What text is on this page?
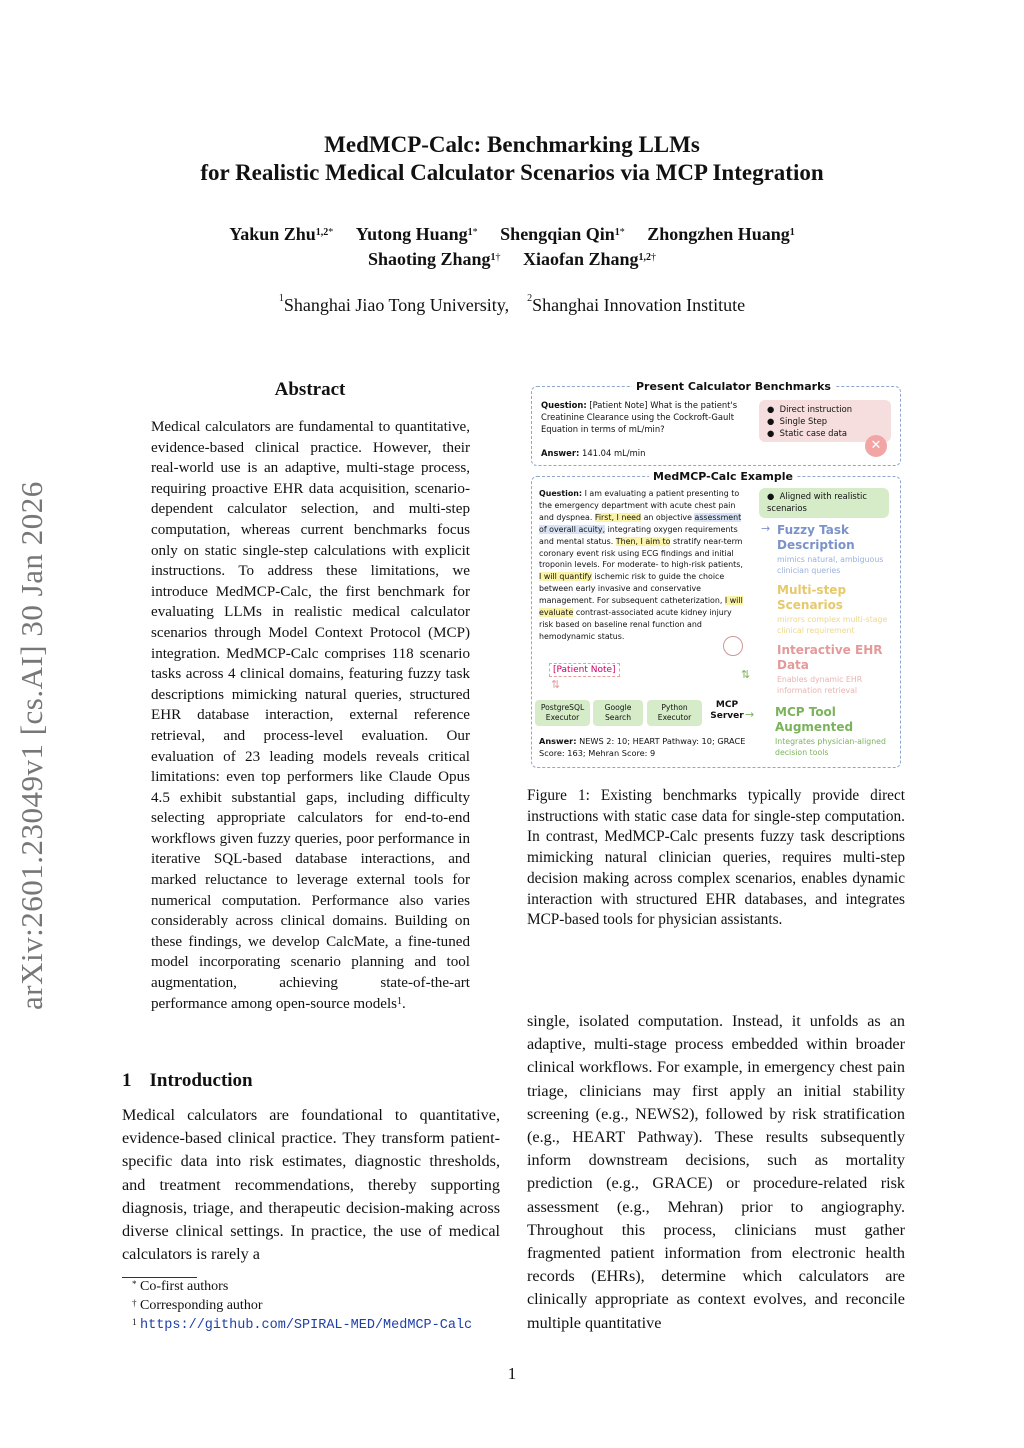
arXiv:2601.23049v1 [cs.AI] 30 Jan 2026
MedMCP-Calc: Benchmarking LLMs
for Realistic Medical Calculator Scenarios via MCP Integration
Yakun Zhu$^{1,2*}$ Yutong Huang$^{1*}$ Shengqian Qin$^{1*}$ Zhongzhen Huang$^1$
Shaoting Zhang$^{1\dagger}$ Xiaofan Zhang$^{1,2\dagger}$
$^1$Shanghai Jiao Tong University, $^2$Shanghai Innovation Institute
Abstract
Medical calculators are fundamental to quantitative, evidence-based clinical practice. However, their real-world use is an adaptive, multi-stage process, requiring proactive EHR data acquisition, scenario-dependent calculator selection, and multi-step computation, whereas current benchmarks focus only on static single-step calculations with explicit instructions. To address these limitations, we introduce MedMCP-Calc, the first benchmark for evaluating LLMs in realistic medical calculator scenarios through Model Context Protocol (MCP) integration. MedMCP-Calc comprises 118 scenario tasks across 4 clinical domains, featuring fuzzy task descriptions mimicking natural queries, structured EHR database interaction, external reference retrieval, and process-level evaluation. Our evaluation of 23 leading models reveals critical limitations: even top performers like Claude Opus 4.5 exhibit substantial gaps, including difficulty selecting appropriate calculators for end-to-end workflows given fuzzy queries, poor performance in iterative SQL-based database interactions, and marked reluctance to leverage external tools for numerical computation. Performance also varies considerably across clinical domains. Building on these findings, we develop CalcMate, a fine-tuned model incorporating scenario planning and tool augmentation, achieving state-of-the-art performance among open-source models$^1$.
1 Introduction
Medical calculators are foundational to quantitative, evidence-based clinical practice. They transform patient-specific data into risk estimates, diagnostic thresholds, and treatment recommendations, thereby supporting diagnosis, triage, and therapeutic decision-making across diverse clinical settings. In practice, the use of medical calculators is rarely a
* Co-first authors
† Corresponding author
1 https://github.com/SPIRAL-MED/MedMCP-Calc
1
Present Calculator Benchmarks
Question: [Patient Note] What is the patient's Creatinine Clearance using the Cockroft-Gault Equation in terms of mL/min?
Answer: 141.04 mL/min
●  Direct instruction
●  Single Step
●  Static case data
✕
MedMCP-Calc Example
Question: I am evaluating a patient presenting to the emergency department with acute chest pain and dyspnea. First, I need an objective assessment of overall acuity, integrating oxygen requirements and mental status. Then, I aim to stratify near-term coronary event risk using ECG findings and initial troponin levels. For moderate- to high-risk patients, I will quantify ischemic risk to guide the choice between early invasive and conservative management. For subsequent catheterization, I will evaluate contrast-associated acute kidney injury risk based on baseline renal function and hemodynamic status.
[Patient Note]
⇅
⇅
PostgreSQL Executor
Google Search
Python Executor
MCP Server →
Answer: NEWS 2: 10; HEART Pathway: 10; GRACE Score: 163; Mehran Score: 9
●  Aligned with realistic scenarios
→ Fuzzy Task Description
mimics natural, ambiguous clinician queries
Multi-step Scenarios
mirrors complex multi-stage clinical requirement
Interactive EHR Data
Enables dynamic EHR information retrieval
MCP Tool Augmented
Integrates physician-aligned decision tools
Figure 1: Existing benchmarks typically provide direct instructions with static case data for single-step computation. In contrast, MedMCP-Calc presents fuzzy task descriptions mimicking natural clinician queries, requires multi-step decision making across complex scenarios, enables dynamic interaction with structured EHR databases, and integrates MCP-based tools for physician assistants.
single, isolated computation. Instead, it unfolds as an adaptive, multi-stage process embedded within broader clinical workflows. For example, in emergency chest pain triage, clinicians may first apply an initial stability screening (e.g., NEWS2), followed by risk stratification (e.g., HEART Pathway). These results subsequently inform downstream decisions, such as mortality prediction (e.g., GRACE) or procedure-related risk assessment (e.g., Mehran) prior to angiography. Throughout this process, clinicians must gather fragmented patient information from electronic health records (EHRs), determine which calculators are clinically appropriate as context evolves, and reconcile multiple quantitative
